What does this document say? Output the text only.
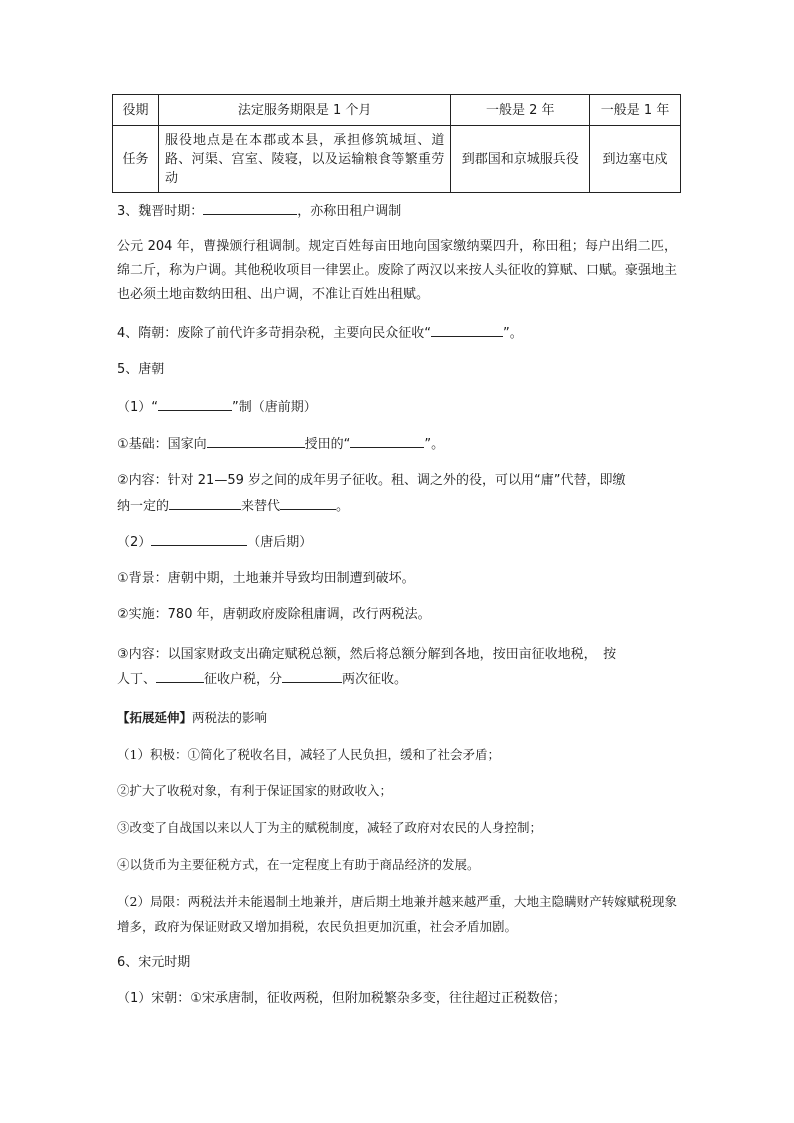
役期	法定服务期限是 1 个月	一般是 2 年	一般是 1 年
任务	服役地点是在本郡或本县，承担修筑城垣、道路、河渠、宫室、陵寝，以及运输粮食等繁重劳动	到郡国和京城服兵役	到边塞屯戍
3、魏晋时期：	，亦称田租户调制
公元 204 年，曹操颁行租调制。规定百姓每亩田地向国家缴纳粟四升，称田租；每户出绢二匹，绵二斤，称为户调。其他税收项目一律罢止。废除了两汉以来按人头征收的算赋、口赋。豪强地主也必须土地亩数纳田租、出户调，不准让百姓出租赋。
4、隋朝：废除了前代许多苛捐杂税，主要向民众征收“	”。
5、唐朝
（1）“	”制（唐前期）
①基础：国家向	授田的“	”。
②内容：针对 21—59 岁之间的成年男子征收。租、调之外的役，可以用“庸”代替，即缴
纳一定的	来替代	。
（2）	（唐后期）
①背景：唐朝中期，土地兼并导致均田制遭到破坏。
②实施：780 年，唐朝政府废除租庸调，改行两税法。
③内容：以国家财政支出确定赋税总额，然后将总额分解到各地，按田亩征收地税，　按
人丁、	征收户税，分	两次征收。
【拓展延伸】两税法的影响
（1）积极：①简化了税收名目，减轻了人民负担，缓和了社会矛盾；
②扩大了收税对象，有利于保证国家的财政收入；
③改变了自战国以来以人丁为主的赋税制度，减轻了政府对农民的人身控制；
④以货币为主要征税方式，在一定程度上有助于商品经济的发展。
（2）局限：两税法并未能遏制土地兼并，唐后期土地兼并越来越严重，大地主隐瞒财产转嫁赋税现象增多，政府为保证财政又增加捐税，农民负担更加沉重，社会矛盾加剧。
6、宋元时期
（1）宋朝：①宋承唐制，征收两税，但附加税繁杂多变，往往超过正税数倍；
